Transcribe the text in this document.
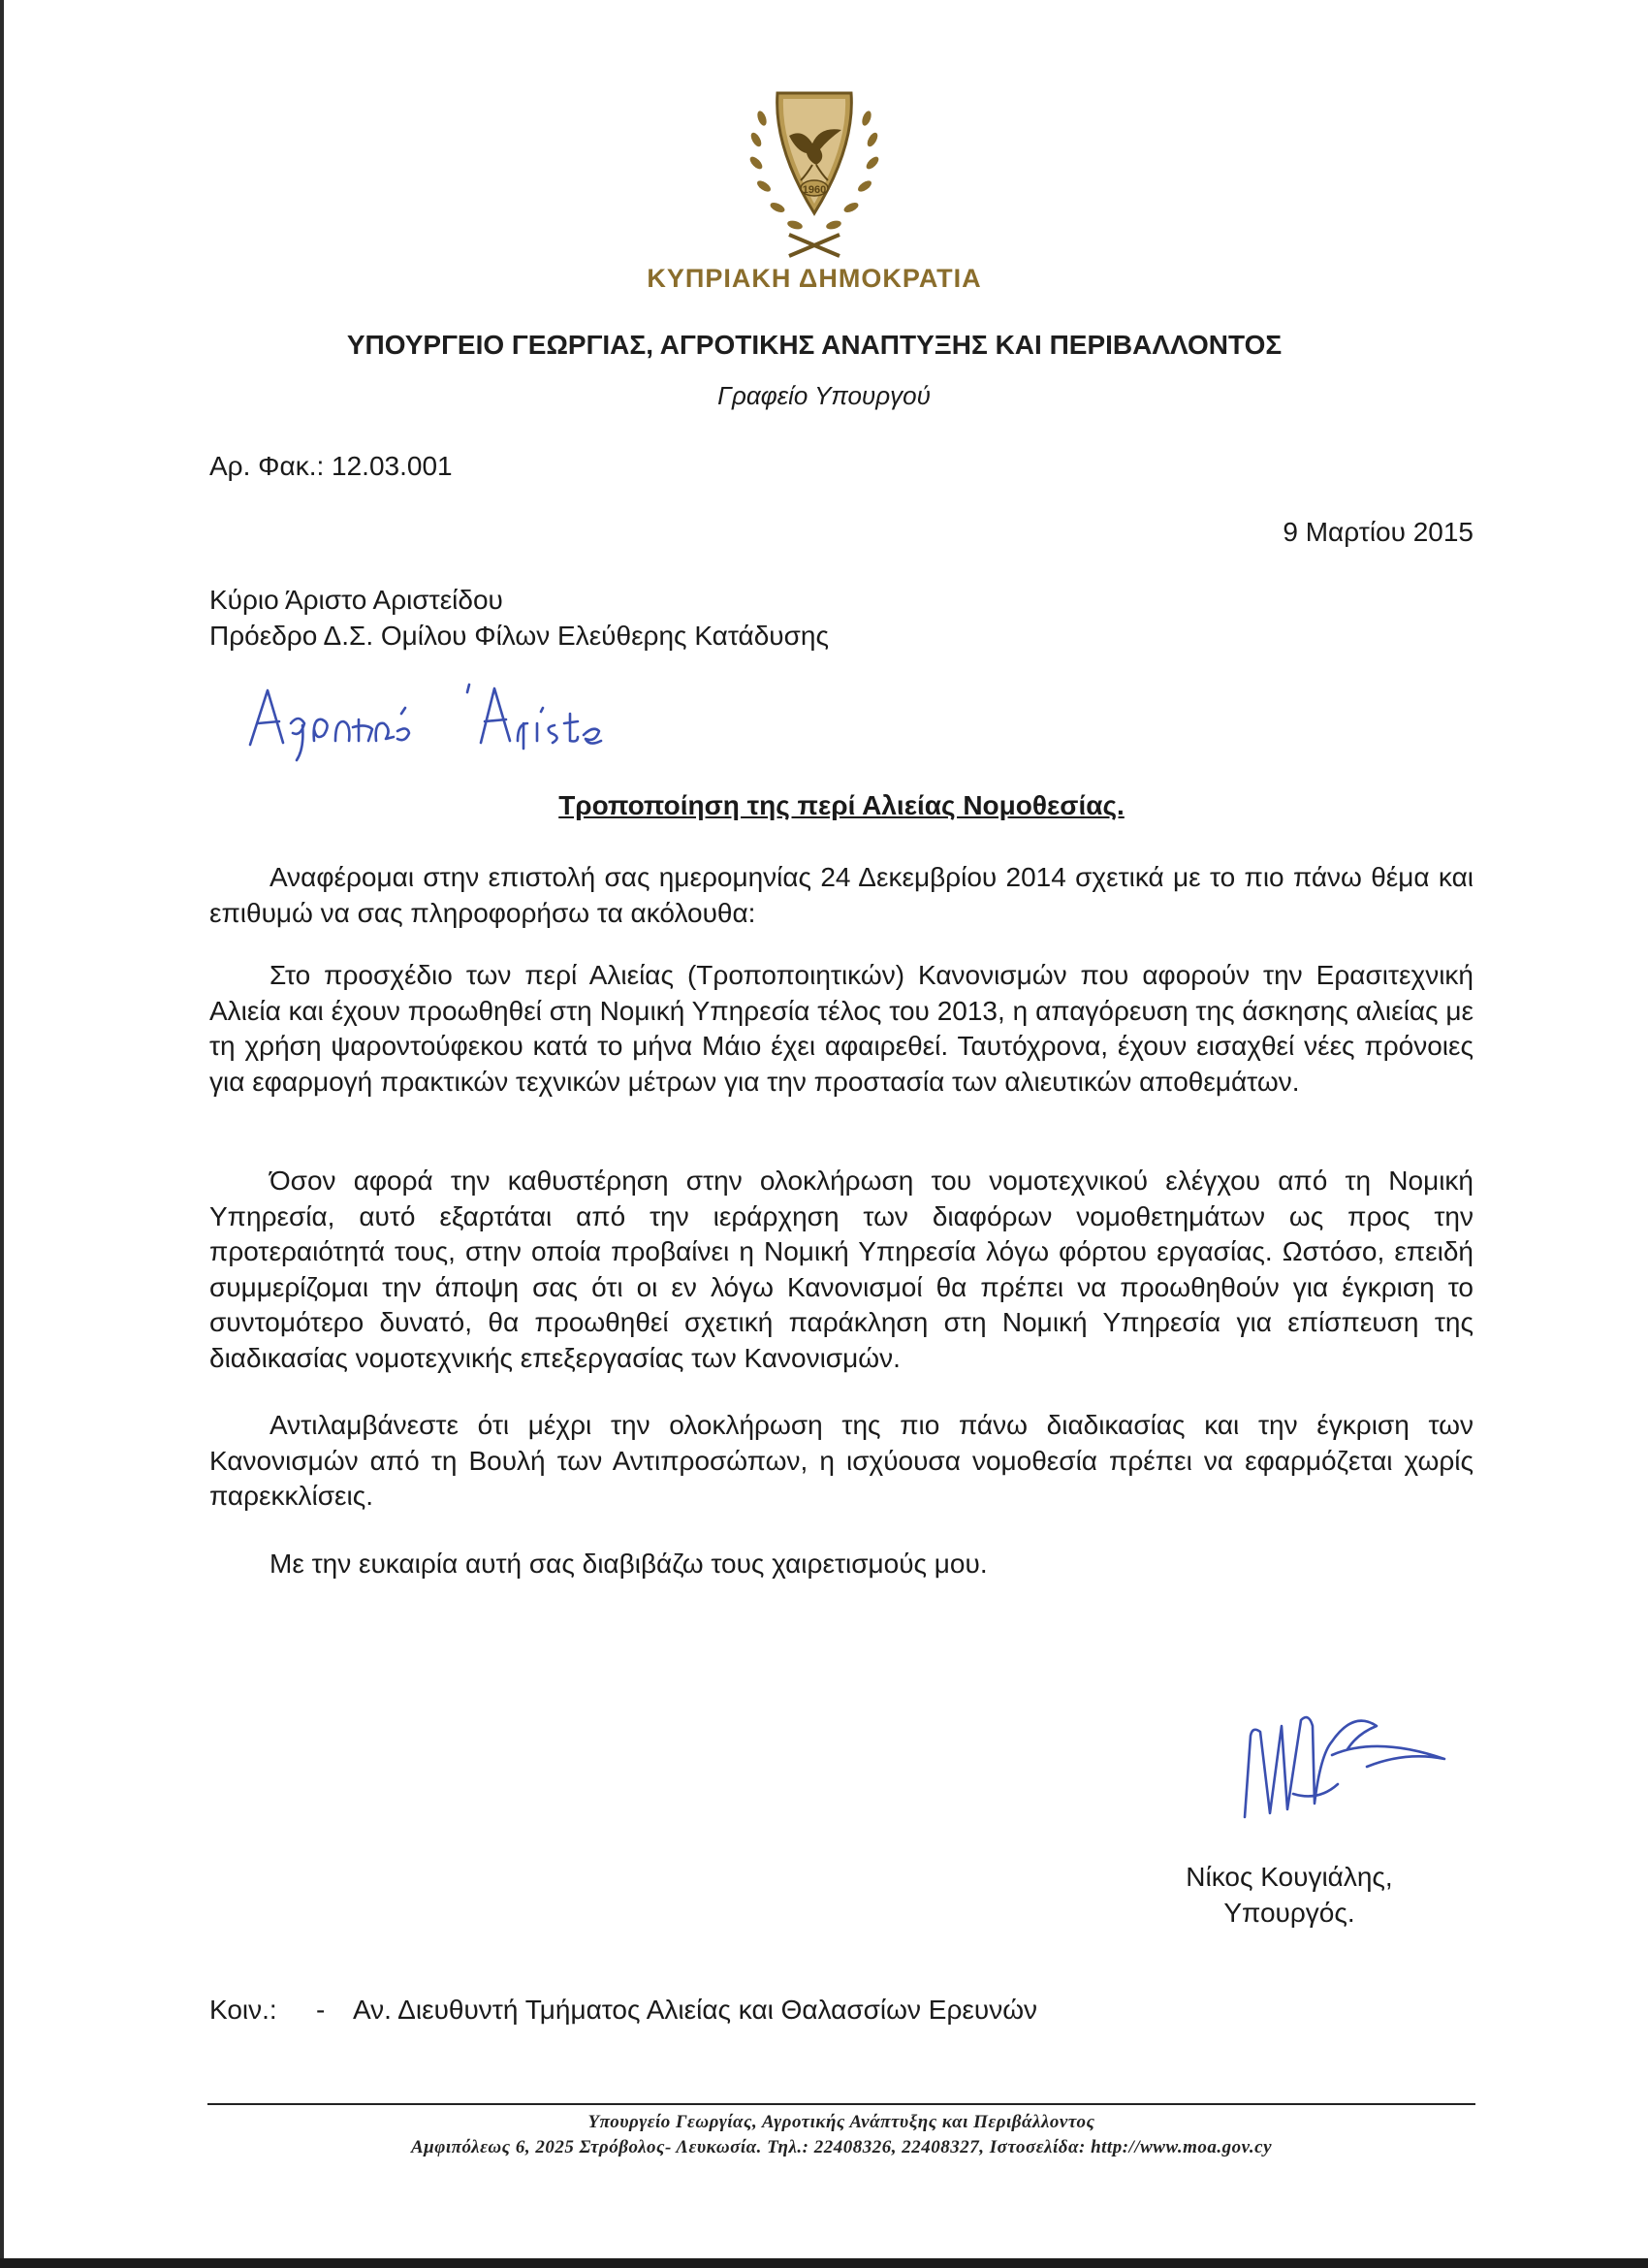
1960
ΚΥΠΡΙΑΚΗ ΔΗΜΟΚΡΑΤΙΑ
ΥΠΟΥΡΓΕΙΟ ΓΕΩΡΓΙΑΣ, ΑΓΡΟΤΙΚΗΣ ΑΝΑΠΤΥΞΗΣ ΚΑΙ ΠΕΡΙΒΑΛΛΟΝΤΟΣ
Γραφείο Υπουργού
Αρ. Φακ.: 12.03.001
9 Μαρτίου 2015
Κύριο Άριστο Αριστείδου
Πρόεδρο Δ.Σ. Ομίλου Φίλων Ελεύθερης Κατάδυσης
Τροποποίηση της περί Αλιείας Νομοθεσίας.

Αναφέρομαι στην επιστολή σας ημερομηνίας 24 Δεκεμβρίου 2014 σχετικά με το πιο πάνω θέμα και επιθυμώ να σας πληροφορήσω τα ακόλουθα:

Στο προσχέδιο των περί Αλιείας (Τροποποιητικών) Κανονισμών που αφορούν την Ερασιτεχνική Αλιεία και έχουν προωθηθεί στη Νομική Υπηρεσία τέλος του 2013, η απαγόρευση της άσκησης αλιείας με τη χρήση ψαροντούφεκου κατά το μήνα Μάιο έχει αφαιρεθεί. Ταυτόχρονα, έχουν εισαχθεί νέες πρόνοιες για εφαρμογή πρακτικών τεχνικών μέτρων για την προστασία των αλιευτικών αποθεμάτων.

Όσον αφορά την καθυστέρηση στην ολοκλήρωση του νομοτεχνικού ελέγχου από τη Νομική Υπηρεσία, αυτό εξαρτάται από την ιεράρχηση των διαφόρων νομοθετημάτων ως προς την προτεραιότητά τους, στην οποία προβαίνει η Νομική Υπηρεσία λόγω φόρτου εργασίας. Ωστόσο, επειδή συμμερίζομαι την άποψη σας ότι οι εν λόγω Κανονισμοί θα πρέπει να προωθηθούν για έγκριση το συντομότερο δυνατό, θα προωθηθεί σχετική παράκληση στη Νομική Υπηρεσία για επίσπευση της διαδικασίας νομοτεχνικής επεξεργασίας των Κανονισμών.

Αντιλαμβάνεστε ότι μέχρι την ολοκλήρωση της πιο πάνω διαδικασίας και την έγκριση των Κανονισμών από τη Βουλή των Αντιπροσώπων, η ισχύουσα νομοθεσία πρέπει να εφαρμόζεται χωρίς παρεκκλίσεις.

Με την ευκαιρία αυτή σας διαβιβάζω τους χαιρετισμούς μου.

Νίκος Κουγιάλης,
Υπουργός.
Κοιν.: - Αν. Διευθυντή Τμήματος Αλιείας και Θαλασσίων Ερευνών
Υπουργείο Γεωργίας, Αγροτικής Ανάπτυξης και Περιβάλλοντος
Αμφιπόλεως 6, 2025 Στρόβολος- Λευκωσία. Τηλ.: 22408326, 22408327, Ιστοσελίδα: http://www.moa.gov.cy
